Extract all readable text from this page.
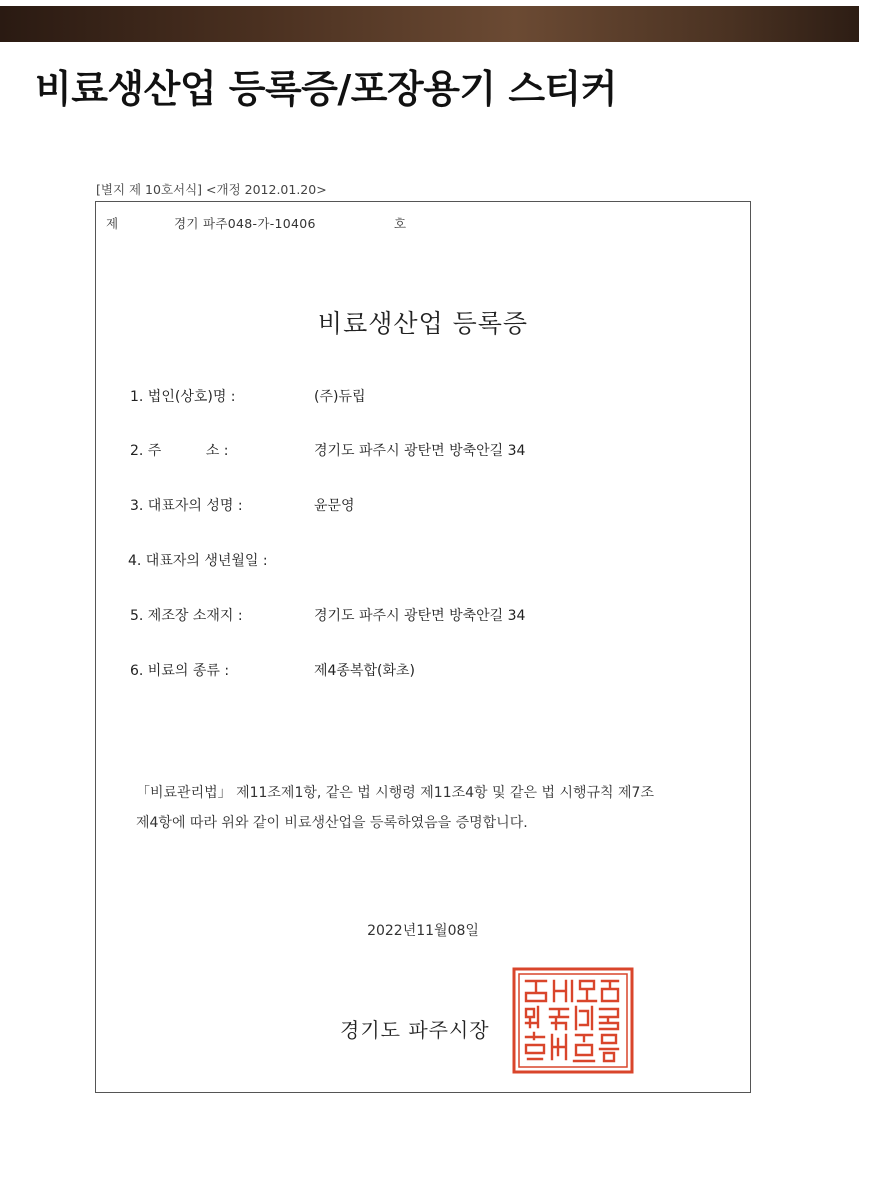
비료생산업 등록증/포장용기 스티커
[별지 제 10호서식] <개정 2012.01.20>
제	경기 파주048-가-10406	호
비료생산업 등록증
1. 법인(상호)명 :	(주)듀립
2. 주          소 :	경기도 파주시 광탄면 방축안길 34
3. 대표자의 성명 :	윤문영
4. 대표자의 생년월일 :
5. 제조장 소재지 :	경기도 파주시 광탄면 방축안길 34
6. 비료의 종류 :	제4종복합(화초)
「비료관리법」 제11조제1항, 같은 법 시행령 제11조4항 및 같은 법 시행규칙 제7조
제4항에 따라 위와 같이 비료생산업을 등록하였음을 증명합니다.
2022년11월08일
경기도 파주시장
